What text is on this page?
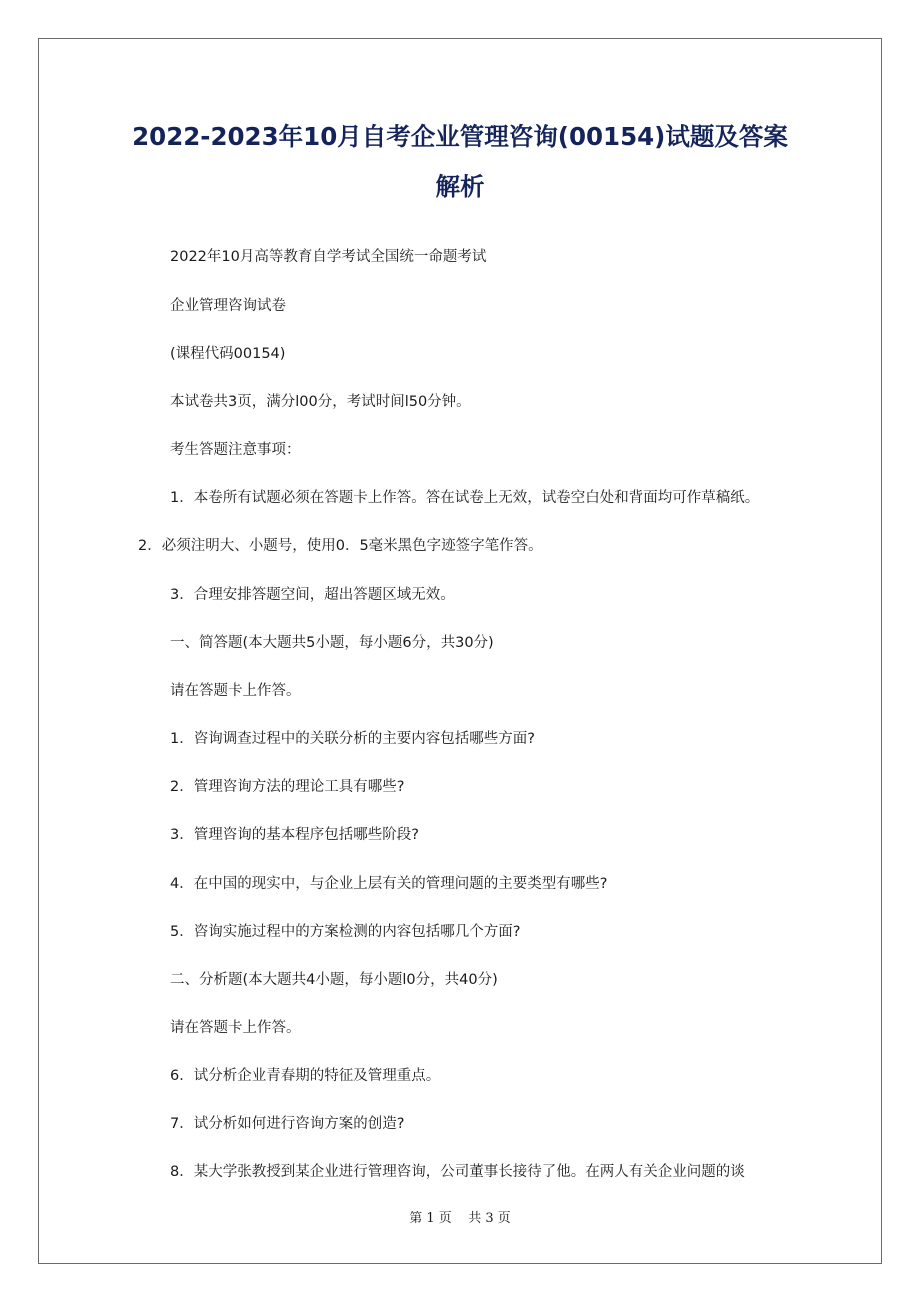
2022-2023年10月自考企业管理咨询(00154)试题及答案
解析
2022年10月高等教育自学考试全国统一命题考试
企业管理咨询试卷
(课程代码00154)
本试卷共3页，满分l00分，考试时间l50分钟。
考生答题注意事项：
1．本卷所有试题必须在答题卡上作答。答在试卷上无效，试卷空白处和背面均可作草稿纸。
2．必须注明大、小题号，使用0．5毫米黑色字迹签字笔作答。
3．合理安排答题空间，超出答题区域无效。
一、简答题(本大题共5小题，每小题6分，共30分)
请在答题卡上作答。
1．咨询调查过程中的关联分析的主要内容包括哪些方面?
2．管理咨询方法的理论工具有哪些?
3．管理咨询的基本程序包括哪些阶段?
4．在中国的现实中，与企业上层有关的管理问题的主要类型有哪些?
5．咨询实施过程中的方案检测的内容包括哪几个方面?
二、分析题(本大题共4小题，每小题l0分，共40分)
请在答题卡上作答。
6．试分析企业青春期的特征及管理重点。
7．试分析如何进行咨询方案的创造?
8．某大学张教授到某企业进行管理咨询，公司董事长接待了他。在两人有关企业问题的谈
第 1 页    共 3 页
